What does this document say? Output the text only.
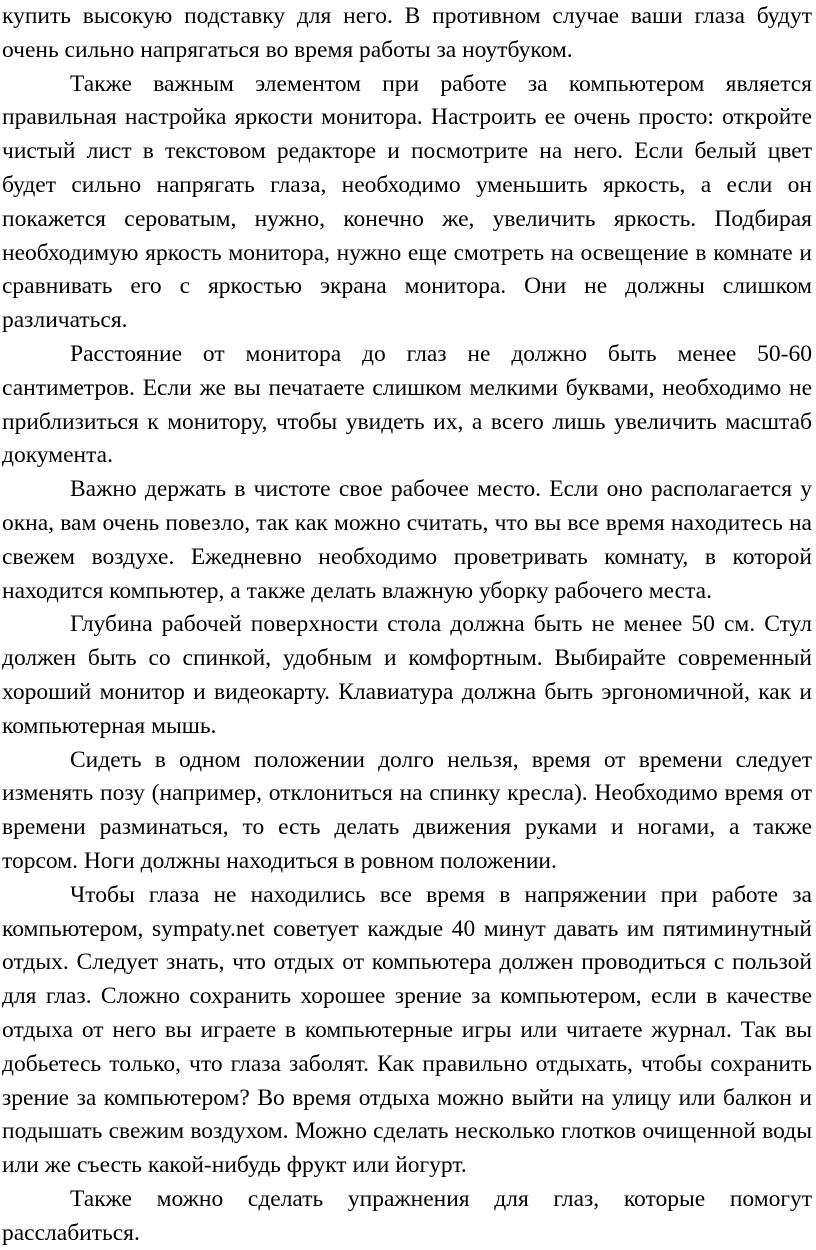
купить высокую подставку для него. В противном случае ваши глаза будут очень сильно напрягаться во время работы за ноутбуком.

Также важным элементом при работе за компьютером является правильная настройка яркости монитора. Настроить ее очень просто: откройте чистый лист в текстовом редакторе и посмотрите на него. Если белый цвет будет сильно напрягать глаза, необходимо уменьшить яркость, а если он покажется сероватым, нужно, конечно же, увеличить яркость. Подбирая необходимую яркость монитора, нужно еще смотреть на освещение в комнате и сравнивать его с яркостью экрана монитора. Они не должны слишком различаться.

Расстояние от монитора до глаз не должно быть менее 50-60 сантиметров. Если же вы печатаете слишком мелкими буквами, необходимо не приблизиться к монитору, чтобы увидеть их, а всего лишь увеличить масштаб документа.

Важно держать в чистоте свое рабочее место. Если оно располагается у окна, вам очень повезло, так как можно считать, что вы все время находитесь на свежем воздухе. Ежедневно необходимо проветривать комнату, в которой находится компьютер, а также делать влажную уборку рабочего места.

Глубина рабочей поверхности стола должна быть не менее 50 см. Стул должен быть со спинкой, удобным и комфортным. Выбирайте современный хороший монитор и видеокарту. Клавиатура должна быть эргономичной, как и компьютерная мышь.

Сидеть в одном положении долго нельзя, время от времени следует изменять позу (например, отклониться на спинку кресла). Необходимо время от времени разминаться, то есть делать движения руками и ногами, а также торсом. Ноги должны находиться в ровном положении.

Чтобы глаза не находились все время в напряжении при работе за компьютером, sympaty.net советует каждые 40 минут давать им пятиминутный отдых. Следует знать, что отдых от компьютера должен проводиться с пользой для глаз. Сложно сохранить хорошее зрение за компьютером, если в качестве отдыха от него вы играете в компьютерные игры или читаете журнал. Так вы добьетесь только, что глаза заболят. Как правильно отдыхать, чтобы сохранить зрение за компьютером? Во время отдыха можно выйти на улицу или балкон и подышать свежим воздухом. Можно сделать несколько глотков очищенной воды или же съесть какой-нибудь фрукт или йогурт.

Также можно сделать упражнения для глаз, которые помогут расслабиться.
